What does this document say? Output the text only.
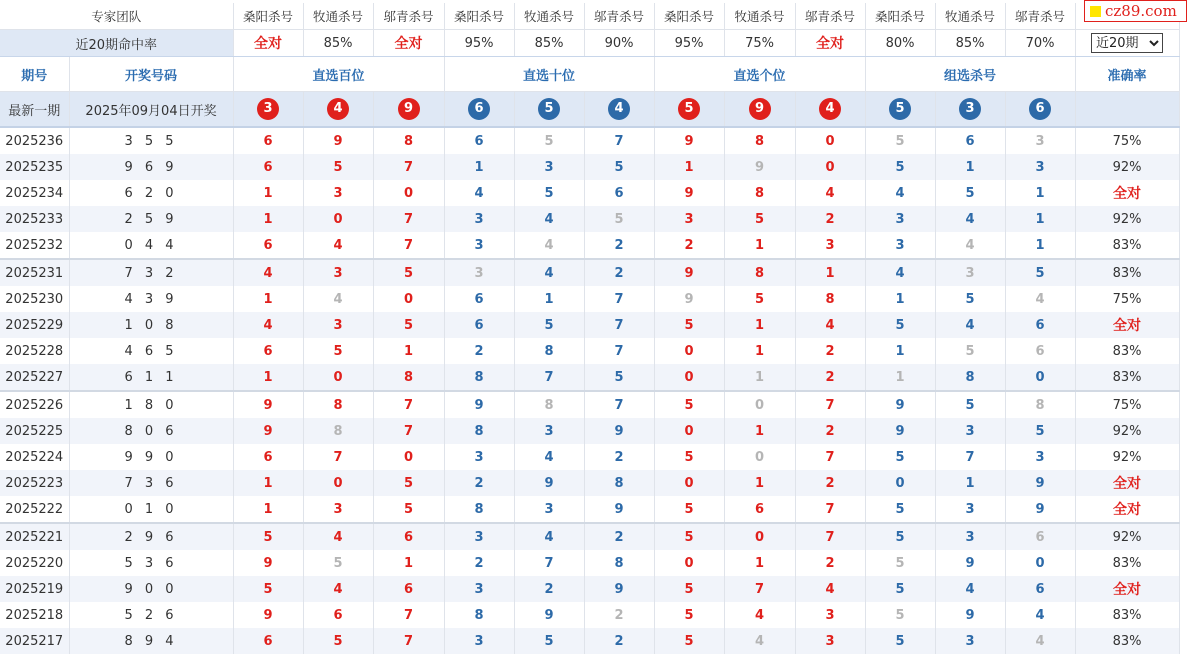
专家团队		桑阳杀号	牧通杀号	邬青杀号	桑阳杀号	牧通杀号	邬青杀号	桑阳杀号	牧通杀号	邬青杀号	桑阳杀号	牧通杀号	邬青杀号	
近20期命中率		全对	85%	全对	95%	85%	90%	95%	75%	全对	80%	85%	70%	
近20期
期号	开奖号码	直选百位			直选十位			直选个位			组选杀号			准确率
最新一期	2025年09月04日开奖	3	4	9	6	5	4	5	9	4	5	3	6	
2025236	3 5 5	6	9	8	6	5	7	9	8	0	5	6	3	75%
2025235	9 6 9	6	5	7	1	3	5	1	9	0	5	1	3	92%
2025234	6 2 0	1	3	0	4	5	6	9	8	4	4	5	1	全对
2025233	2 5 9	1	0	7	3	4	5	3	5	2	3	4	1	92%
2025232	0 4 4	6	4	7	3	4	2	2	1	3	3	4	1	83%
2025231	7 3 2	4	3	5	3	4	2	9	8	1	4	3	5	83%
2025230	4 3 9	1	4	0	6	1	7	9	5	8	1	5	4	75%
2025229	1 0 8	4	3	5	6	5	7	5	1	4	5	4	6	全对
2025228	4 6 5	6	5	1	2	8	7	0	1	2	1	5	6	83%
2025227	6 1 1	1	0	8	8	7	5	0	1	2	1	8	0	83%
2025226	1 8 0	9	8	7	9	8	7	5	0	7	9	5	8	75%
2025225	8 0 6	9	8	7	8	3	9	0	1	2	9	3	5	92%
2025224	9 9 0	6	7	0	3	4	2	5	0	7	5	7	3	92%
2025223	7 3 6	1	0	5	2	9	8	0	1	2	0	1	9	全对
2025222	0 1 0	1	3	5	8	3	9	5	6	7	5	3	9	全对
2025221	2 9 6	5	4	6	3	4	2	5	0	7	5	3	6	92%
2025220	5 3 6	9	5	1	2	7	8	0	1	2	5	9	0	83%
2025219	9 0 0	5	4	6	3	2	9	5	7	4	5	4	6	全对
2025218	5 2 6	9	6	7	8	9	2	5	4	3	5	9	4	83%
2025217	8 9 4	6	5	7	3	5	2	5	4	3	5	3	4	83%
cz89.com
